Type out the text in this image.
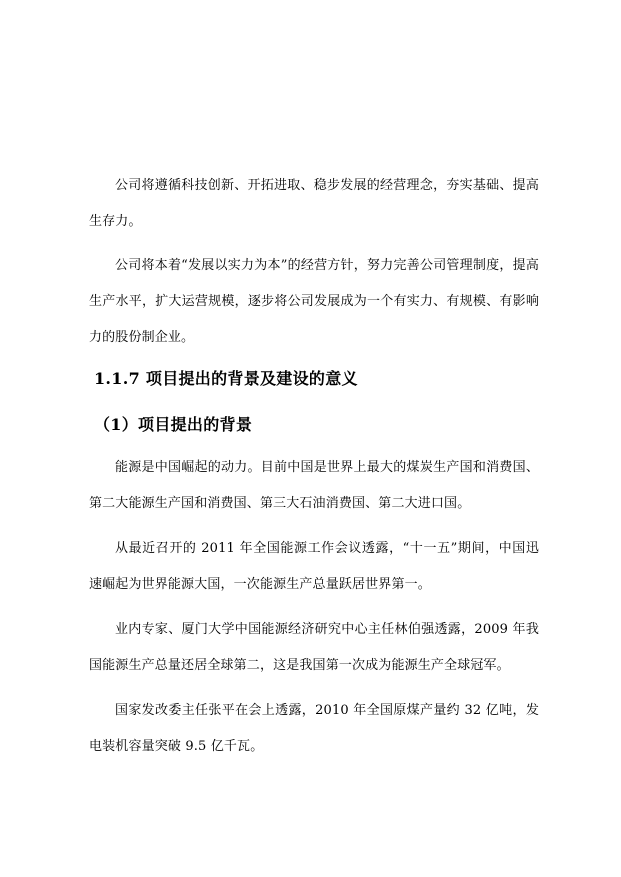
公司将遵循科技创新、开拓进取、稳步发展的经营理念，夯实基础、提高生存力。

公司将本着“发展以实力为本”的经营方针，努力完善公司管理制度，提高生产水平，扩大运营规模，逐步将公司发展成为一个有实力、有规模、有影响力的股份制企业。

1.1.7 项目提出的背景及建设的意义
（1）项目提出的背景

能源是中国崛起的动力。目前中国是世界上最大的煤炭生产国和消费国、第二大能源生产国和消费国、第三大石油消费国、第二大进口国。

从最近召开的 2011 年全国能源工作会议透露，“十一五”期间，中国迅速崛起为世界能源大国，一次能源生产总量跃居世界第一。

业内专家、厦门大学中国能源经济研究中心主任林伯强透露，2009 年我国能源生产总量还居全球第二，这是我国第一次成为能源生产全球冠军。

国家发改委主任张平在会上透露，2010 年全国原煤产量约 32 亿吨，发电装机容量突破 9.5 亿千瓦。
